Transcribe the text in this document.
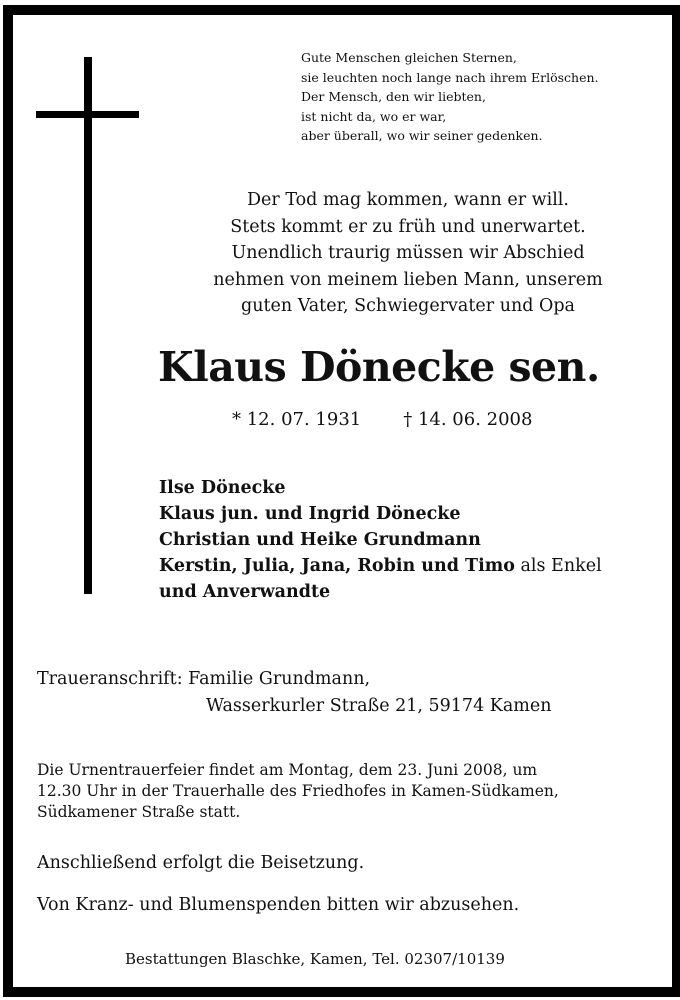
Gute Menschen gleichen Sternen,
sie leuchten noch lange nach ihrem Erlöschen.
Der Mensch, den wir liebten,
ist nicht da, wo er war,
aber überall, wo wir seiner gedenken.
Der Tod mag kommen, wann er will.
Stets kommt er zu früh und unerwartet.
Unendlich traurig müssen wir Abschied
nehmen von meinem lieben Mann, unserem
guten Vater, Schwiegervater und Opa
Klaus Dönecke sen.
* 12. 07. 1931 † 14. 06. 2008
Ilse Dönecke
Klaus jun. und Ingrid Dönecke
Christian und Heike Grundmann
Kerstin, Julia, Jana, Robin und Timo als Enkel
und Anverwandte
Traueranschrift: Familie Grundmann,
Wasserkurler Straße 21, 59174 Kamen
Die Urnentrauerfeier findet am Montag, dem 23. Juni 2008, um
12.30 Uhr in der Trauerhalle des Friedhofes in Kamen-Südkamen,
Südkamener Straße statt.
Anschließend erfolgt die Beisetzung.
Von Kranz- und Blumenspenden bitten wir abzusehen.
Bestattungen Blaschke, Kamen, Tel. 02307/10139
